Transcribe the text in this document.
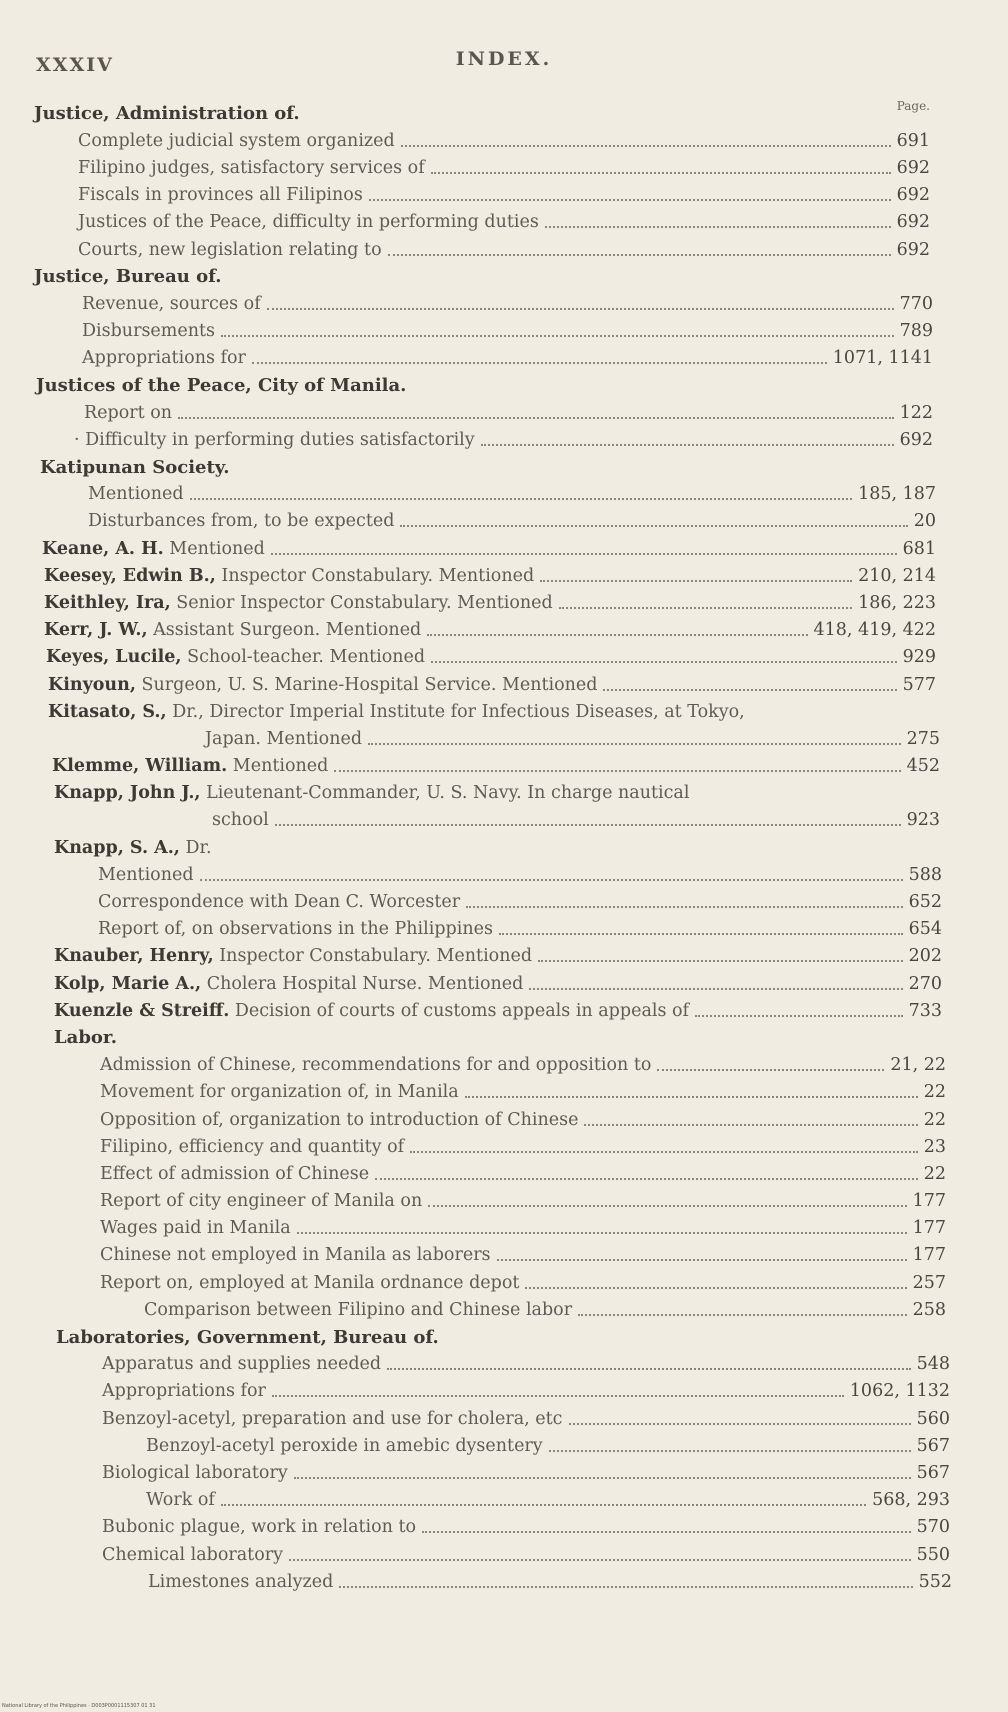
XXXIV	INDEX.
Page.
Justice, Administration of.
Complete judicial system organized	691
Filipino judges, satisfactory services of	692
Fiscals in provinces all Filipinos	692
Justices of the Peace, difficulty in performing duties	692
Courts, new legislation relating to	692
Justice, Bureau of.
Revenue, sources of	770
Disbursements	789
Appropriations for	1071, 1141
Justices of the Peace, City of Manila.
Report on	122
· Difficulty in performing duties satisfactorily	692
Katipunan Society.
Mentioned	185, 187
Disturbances from, to be expected	20
Keane, A. H. Mentioned	681
Keesey, Edwin B., Inspector Constabulary. Mentioned	210, 214
Keithley, Ira, Senior Inspector Constabulary. Mentioned	186, 223
Kerr, J. W., Assistant Surgeon. Mentioned	418, 419, 422
Keyes, Lucile, School-teacher. Mentioned	929
Kinyoun, Surgeon, U. S. Marine-Hospital Service. Mentioned	577
Kitasato, S., Dr., Director Imperial Institute for Infectious Diseases, at Tokyo,
Japan. Mentioned	275
Klemme, William. Mentioned	452
Knapp, John J., Lieutenant-Commander, U. S. Navy. In charge nautical
school	923
Knapp, S. A., Dr.
Mentioned	588
Correspondence with Dean C. Worcester	652
Report of, on observations in the Philippines	654
Knauber, Henry, Inspector Constabulary. Mentioned	202
Kolp, Marie A., Cholera Hospital Nurse. Mentioned	270
Kuenzle & Streiff. Decision of courts of customs appeals in appeals of	733
Labor.
Admission of Chinese, recommendations for and opposition to	21, 22
Movement for organization of, in Manila	22
Opposition of, organization to introduction of Chinese	22
Filipino, efficiency and quantity of	23
Effect of admission of Chinese	22
Report of city engineer of Manila on	177
Wages paid in Manila	177
Chinese not employed in Manila as laborers	177
Report on, employed at Manila ordnance depot	257
Comparison between Filipino and Chinese labor	258
Laboratories, Government, Bureau of.
Apparatus and supplies needed	548
Appropriations for	1062, 1132
Benzoyl-acetyl, preparation and use for cholera, etc	560
Benzoyl-acetyl peroxide in amebic dysentery	567
Biological laboratory	567
Work of	568, 293
Bubonic plague, work in relation to	570
Chemical laboratory	550
Limestones analyzed	552
National Library of the Philippines · D003P0001115307 01 31
